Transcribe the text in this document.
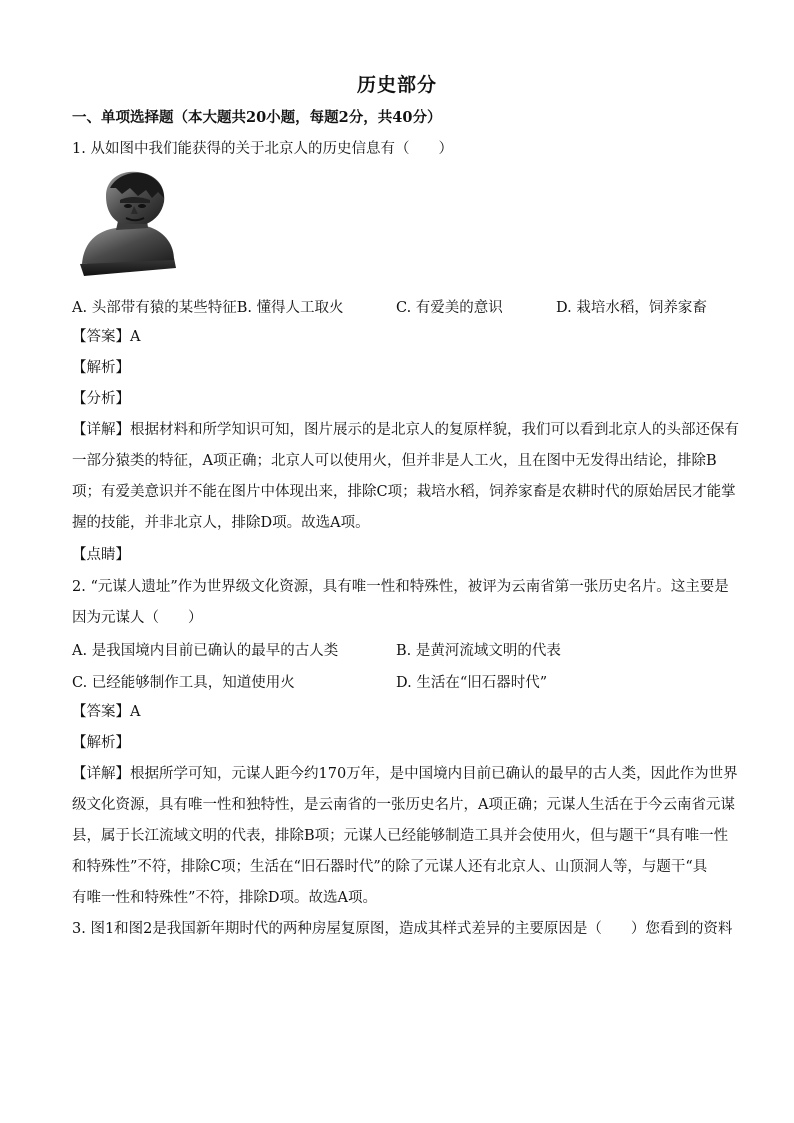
历史部分
一、单项选择题（本大题共20小题，每题2分，共40分）
1. 从如图中我们能获得的关于北京人的历史信息有（　　）
A. 头部带有猿的某些特征B. 懂得人工取火	C. 有爱美的意识	D. 栽培水稻，饲养家畜
【答案】A
【解析】
【分析】
【详解】根据材料和所学知识可知，图片展示的是北京人的复原样貌，我们可以看到北京人的头部还保有
一部分猿类的特征，A项正确；北京人可以使用火，但并非是人工火，且在图中无发得出结论，排除B
项；有爱美意识并不能在图片中体现出来，排除C项；栽培水稻，饲养家畜是农耕时代的原始居民才能掌
握的技能，并非北京人，排除D项。故选A项。
【点睛】
2. “元谋人遗址”作为世界级文化资源，具有唯一性和特殊性，被评为云南省第一张历史名片。这主要是
因为元谋人（　　）
A. 是我国境内目前已确认的最早的古人类	B. 是黄河流域文明的代表
C. 已经能够制作工具，知道使用火	D. 生活在“旧石器时代”
【答案】A
【解析】
【详解】根据所学可知，元谋人距今约170万年，是中国境内目前已确认的最早的古人类，因此作为世界
级文化资源，具有唯一性和独特性，是云南省的一张历史名片，A项正确；元谋人生活在于今云南省元谋
县，属于长江流域文明的代表，排除B项；元谋人已经能够制造工具并会使用火，但与题干“具有唯一性
和特殊性”不符，排除C项；生活在“旧石器时代”的除了元谋人还有北京人、山顶洞人等，与题干“具
有唯一性和特殊性”不符，排除D项。故选A项。
3. 图1和图2是我国新年期时代的两种房屋复原图，造成其样式差异的主要原因是（　　）您看到的资料
